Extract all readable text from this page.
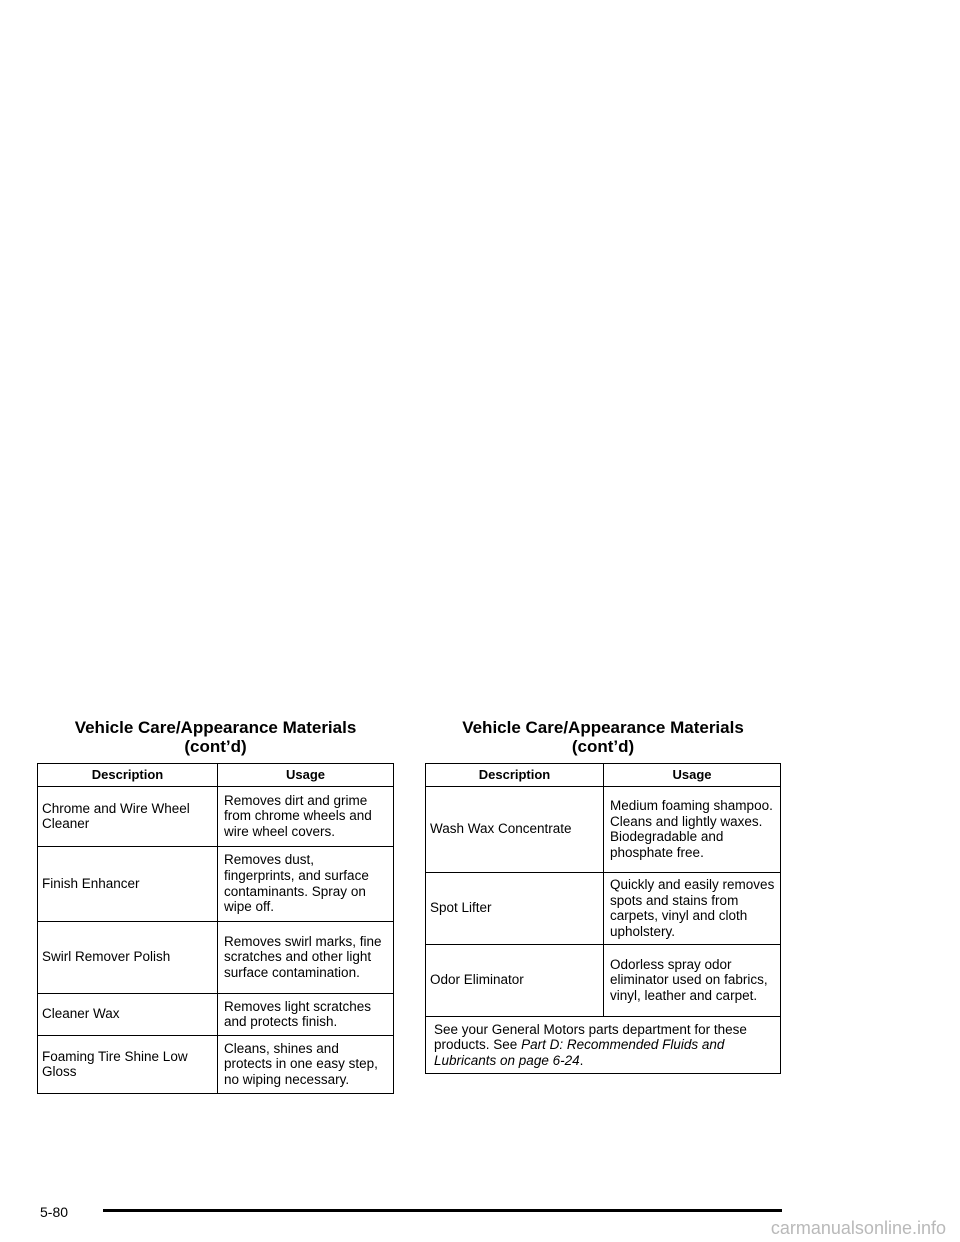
Vehicle Care/Appearance Materials
(cont’d)
Description	Usage
Chrome and Wire Wheel Cleaner	Removes dirt and grime from chrome wheels and wire wheel covers.
Finish Enhancer	Removes dust, fingerprints, and surface contaminants. Spray on wipe off.
Swirl Remover Polish	Removes swirl marks, fine scratches and other light surface contamination.
Cleaner Wax	Removes light scratches and protects finish.
Foaming Tire Shine Low Gloss	Cleans, shines and protects in one easy step, no wiping necessary.
Vehicle Care/Appearance Materials
(cont’d)
Description	Usage
Wash Wax Concentrate	Medium foaming shampoo. Cleans and lightly waxes. Biodegradable and phosphate free.
Spot Lifter	Quickly and easily removes spots and stains from carpets, vinyl and cloth upholstery.
Odor Eliminator	Odorless spray odor eliminator used on fabrics, vinyl, leather and carpet.
See your General Motors parts department for these products. See Part D: Recommended Fluids and Lubricants on page 6-24.	
5-80
carmanualsonline.info
